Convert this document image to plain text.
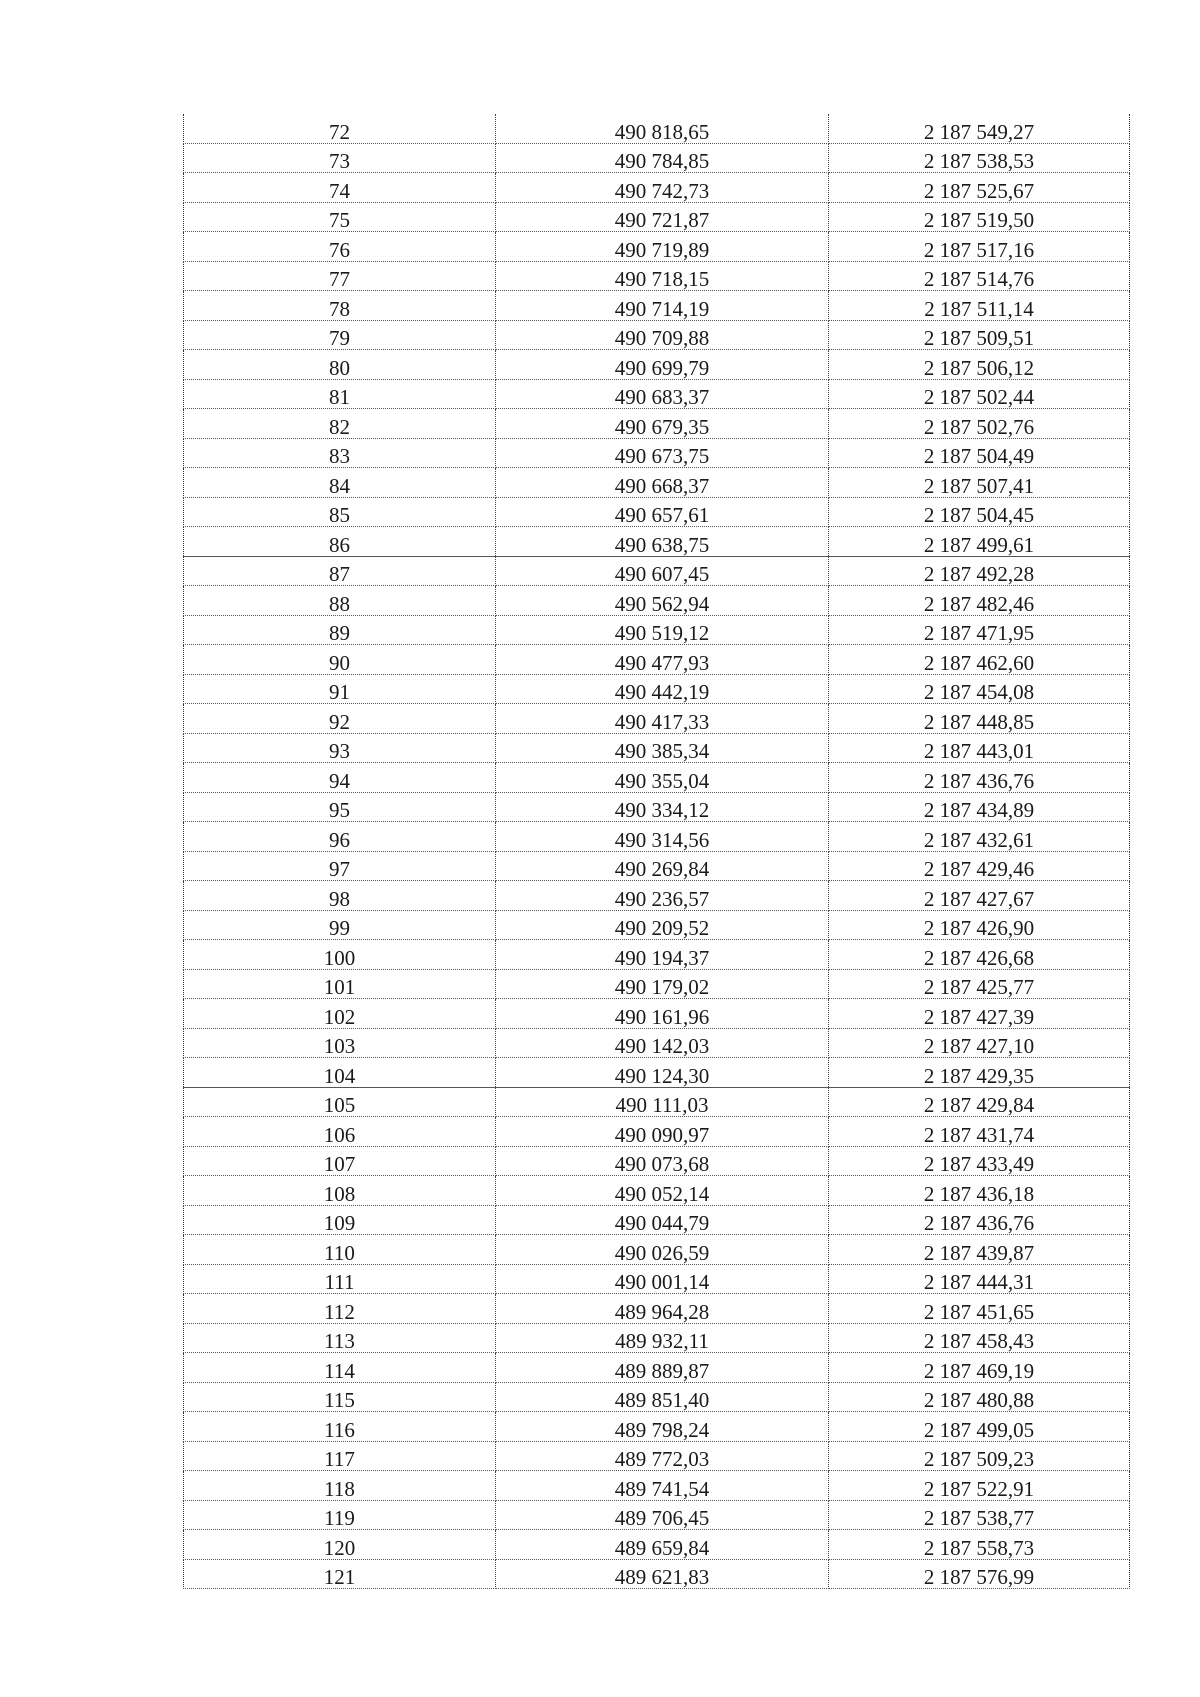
72	490 818,65	2 187 549,27
73	490 784,85	2 187 538,53
74	490 742,73	2 187 525,67
75	490 721,87	2 187 519,50
76	490 719,89	2 187 517,16
77	490 718,15	2 187 514,76
78	490 714,19	2 187 511,14
79	490 709,88	2 187 509,51
80	490 699,79	2 187 506,12
81	490 683,37	2 187 502,44
82	490 679,35	2 187 502,76
83	490 673,75	2 187 504,49
84	490 668,37	2 187 507,41
85	490 657,61	2 187 504,45
86	490 638,75	2 187 499,61
87	490 607,45	2 187 492,28
88	490 562,94	2 187 482,46
89	490 519,12	2 187 471,95
90	490 477,93	2 187 462,60
91	490 442,19	2 187 454,08
92	490 417,33	2 187 448,85
93	490 385,34	2 187 443,01
94	490 355,04	2 187 436,76
95	490 334,12	2 187 434,89
96	490 314,56	2 187 432,61
97	490 269,84	2 187 429,46
98	490 236,57	2 187 427,67
99	490 209,52	2 187 426,90
100	490 194,37	2 187 426,68
101	490 179,02	2 187 425,77
102	490 161,96	2 187 427,39
103	490 142,03	2 187 427,10
104	490 124,30	2 187 429,35
105	490 111,03	2 187 429,84
106	490 090,97	2 187 431,74
107	490 073,68	2 187 433,49
108	490 052,14	2 187 436,18
109	490 044,79	2 187 436,76
110	490 026,59	2 187 439,87
111	490 001,14	2 187 444,31
112	489 964,28	2 187 451,65
113	489 932,11	2 187 458,43
114	489 889,87	2 187 469,19
115	489 851,40	2 187 480,88
116	489 798,24	2 187 499,05
117	489 772,03	2 187 509,23
118	489 741,54	2 187 522,91
119	489 706,45	2 187 538,77
120	489 659,84	2 187 558,73
121	489 621,83	2 187 576,99
